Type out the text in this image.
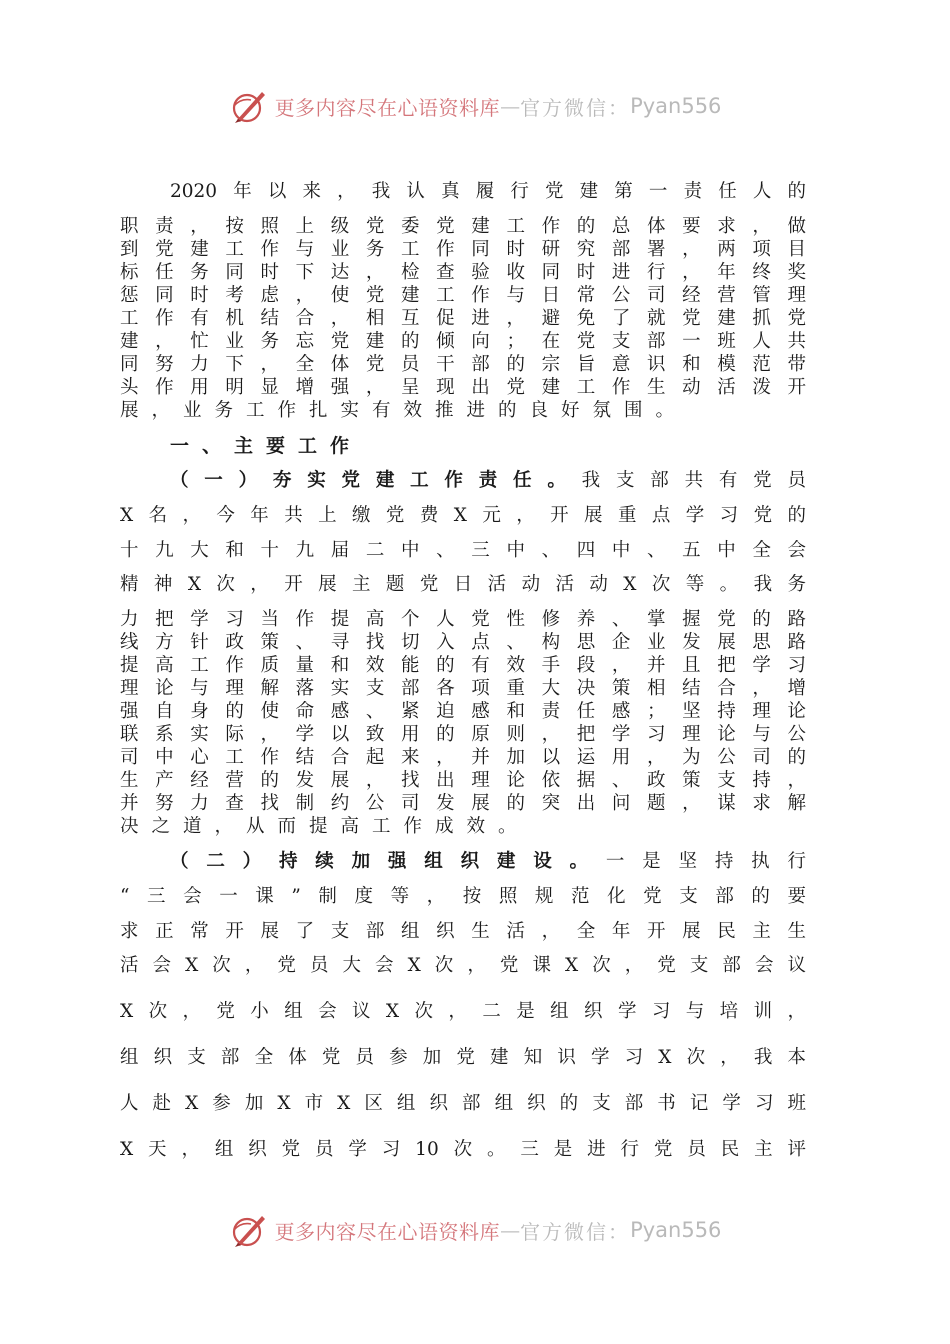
更多内容尽在心语资料库 — 官方微信： Pyan556
2020年以来，我认真履行党建第一责任人的
职责，按照上级党委党建工作的总体要求，做
到党建工作与业务工作同时研究部署，两项目
标任务同时下达，检查验收同时进行，年终奖
惩同时考虑，使党建工作与日常公司经营管理
工作有机结合，相互促进，避免了就党建抓党
建，忙业务忘党建的倾向；在党支部一班人共
同努力下，全体党员干部的宗旨意识和模范带
头作用明显增强，呈现出党建工作生动活泼开
展，业务工作扎实有效推进的良好氛围。
一、主要工作
（一）夯实党建工作责任。我支部共有党员
X名，今年共上缴党费X元，开展重点学习党的
十九大和十九届二中、三中、四中、五中全会
精神X次，开展主题党日活动活动X次等。我务
力把学习当作提高个人党性修养、掌握党的路
线方针政策、寻找切入点、构思企业发展思路
提高工作质量和效能的有效手段，并且把学习
理论与理解落实支部各项重大决策相结合，增
强自身的使命感、紧迫感和责任感；坚持理论
联系实际，学以致用的原则，把学习理论与公
司中心工作结合起来，并加以运用，为公司的
生产经营的发展，找出理论依据、政策支持，
并努力查找制约公司发展的突出问题，谋求解
决之道，从而提高工作成效。
（二）持续加强组织建设。一是坚持执行
“三会一课”制度等，按照规范化党支部的要
求正常开展了支部组织生活，全年开展民主生
活会X次，党员大会X次，党课X次，党支部会议
X次，党小组会议X次，二是组织学习与培训，
组织支部全体党员参加党建知识学习X次，我本
人赴X参加X市X区组织部组织的支部书记学习班
X天，组织党员学习10次。三是进行党员民主评
更多内容尽在心语资料库 — 官方微信： Pyan556
